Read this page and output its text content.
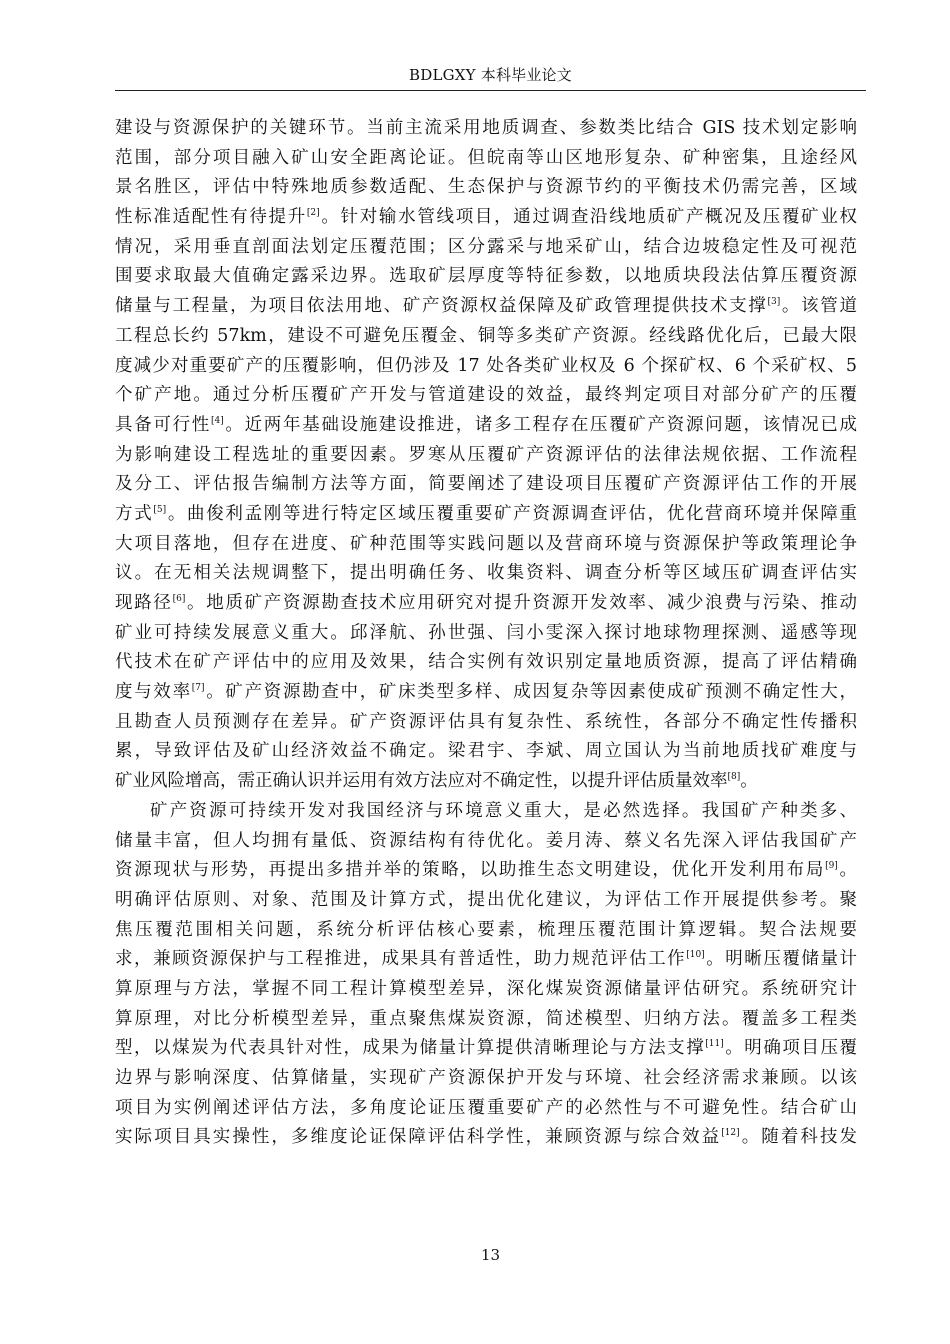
BDLGXY 本科毕业论文
建设与资源保护的关键环节。当前主流采用地质调查、参数类比结合 GIS 技术划定影响
范围，部分项目融入矿山安全距离论证。但皖南等山区地形复杂、矿种密集，且途经风
景名胜区，评估中特殊地质参数适配、生态保护与资源节约的平衡技术仍需完善，区域
性标准适配性有待提升[2]。针对输水管线项目，通过调查沿线地质矿产概况及压覆矿业权
情况，采用垂直剖面法划定压覆范围；区分露采与地采矿山，结合边坡稳定性及可视范
围要求取最大值确定露采边界。选取矿层厚度等特征参数，以地质块段法估算压覆资源
储量与工程量，为项目依法用地、矿产资源权益保障及矿政管理提供技术支撑[3]。该管道
工程总长约 57km，建设不可避免压覆金、铜等多类矿产资源。经线路优化后，已最大限
度减少对重要矿产的压覆影响，但仍涉及 17 处各类矿业权及 6 个探矿权、6 个采矿权、5
个矿产地。通过分析压覆矿产开发与管道建设的效益，最终判定项目对部分矿产的压覆
具备可行性[4]。近两年基础设施建设推进，诸多工程存在压覆矿产资源问题，该情况已成
为影响建设工程选址的重要因素。罗寒从压覆矿产资源评估的法律法规依据、工作流程
及分工、评估报告编制方法等方面，简要阐述了建设项目压覆矿产资源评估工作的开展
方式[5]。曲俊利孟刚等进行特定区域压覆重要矿产资源调查评估，优化营商环境并保障重
大项目落地，但存在进度、矿种范围等实践问题以及营商环境与资源保护等政策理论争
议。在无相关法规调整下，提出明确任务、收集资料、调查分析等区域压矿调查评估实
现路径[6]。地质矿产资源勘查技术应用研究对提升资源开发效率、减少浪费与污染、推动
矿业可持续发展意义重大。邱泽航、孙世强、闫小雯深入探讨地球物理探测、遥感等现
代技术在矿产评估中的应用及效果，结合实例有效识别定量地质资源，提高了评估精确
度与效率[7]。矿产资源勘查中，矿床类型多样、成因复杂等因素使成矿预测不确定性大，
且勘查人员预测存在差异。矿产资源评估具有复杂性、系统性，各部分不确定性传播积
累，导致评估及矿山经济效益不确定。梁君宇、李斌、周立国认为当前地质找矿难度与
矿业风险增高，需正确认识并运用有效方法应对不确定性，以提升评估质量效率[8]。
矿产资源可持续开发对我国经济与环境意义重大，是必然选择。我国矿产种类多、
储量丰富，但人均拥有量低、资源结构有待优化。姜月涛、蔡义名先深入评估我国矿产
资源现状与形势，再提出多措并举的策略，以助推生态文明建设，优化开发利用布局[9]。
明确评估原则、对象、范围及计算方式，提出优化建议，为评估工作开展提供参考。聚
焦压覆范围相关问题，系统分析评估核心要素，梳理压覆范围计算逻辑。契合法规要
求，兼顾资源保护与工程推进，成果具有普适性，助力规范评估工作[10]。明晰压覆储量计
算原理与方法，掌握不同工程计算模型差异，深化煤炭资源储量评估研究。系统研究计
算原理，对比分析模型差异，重点聚焦煤炭资源，简述模型、归纳方法。覆盖多工程类
型，以煤炭为代表具针对性，成果为储量计算提供清晰理论与方法支撑[11]。明确项目压覆
边界与影响深度、估算储量，实现矿产资源保护开发与环境、社会经济需求兼顾。以该
项目为实例阐述评估方法，多角度论证压覆重要矿产的必然性与不可避免性。结合矿山
实际项目具实操性，多维度论证保障评估科学性，兼顾资源与综合效益[12]。随着科技发
13
